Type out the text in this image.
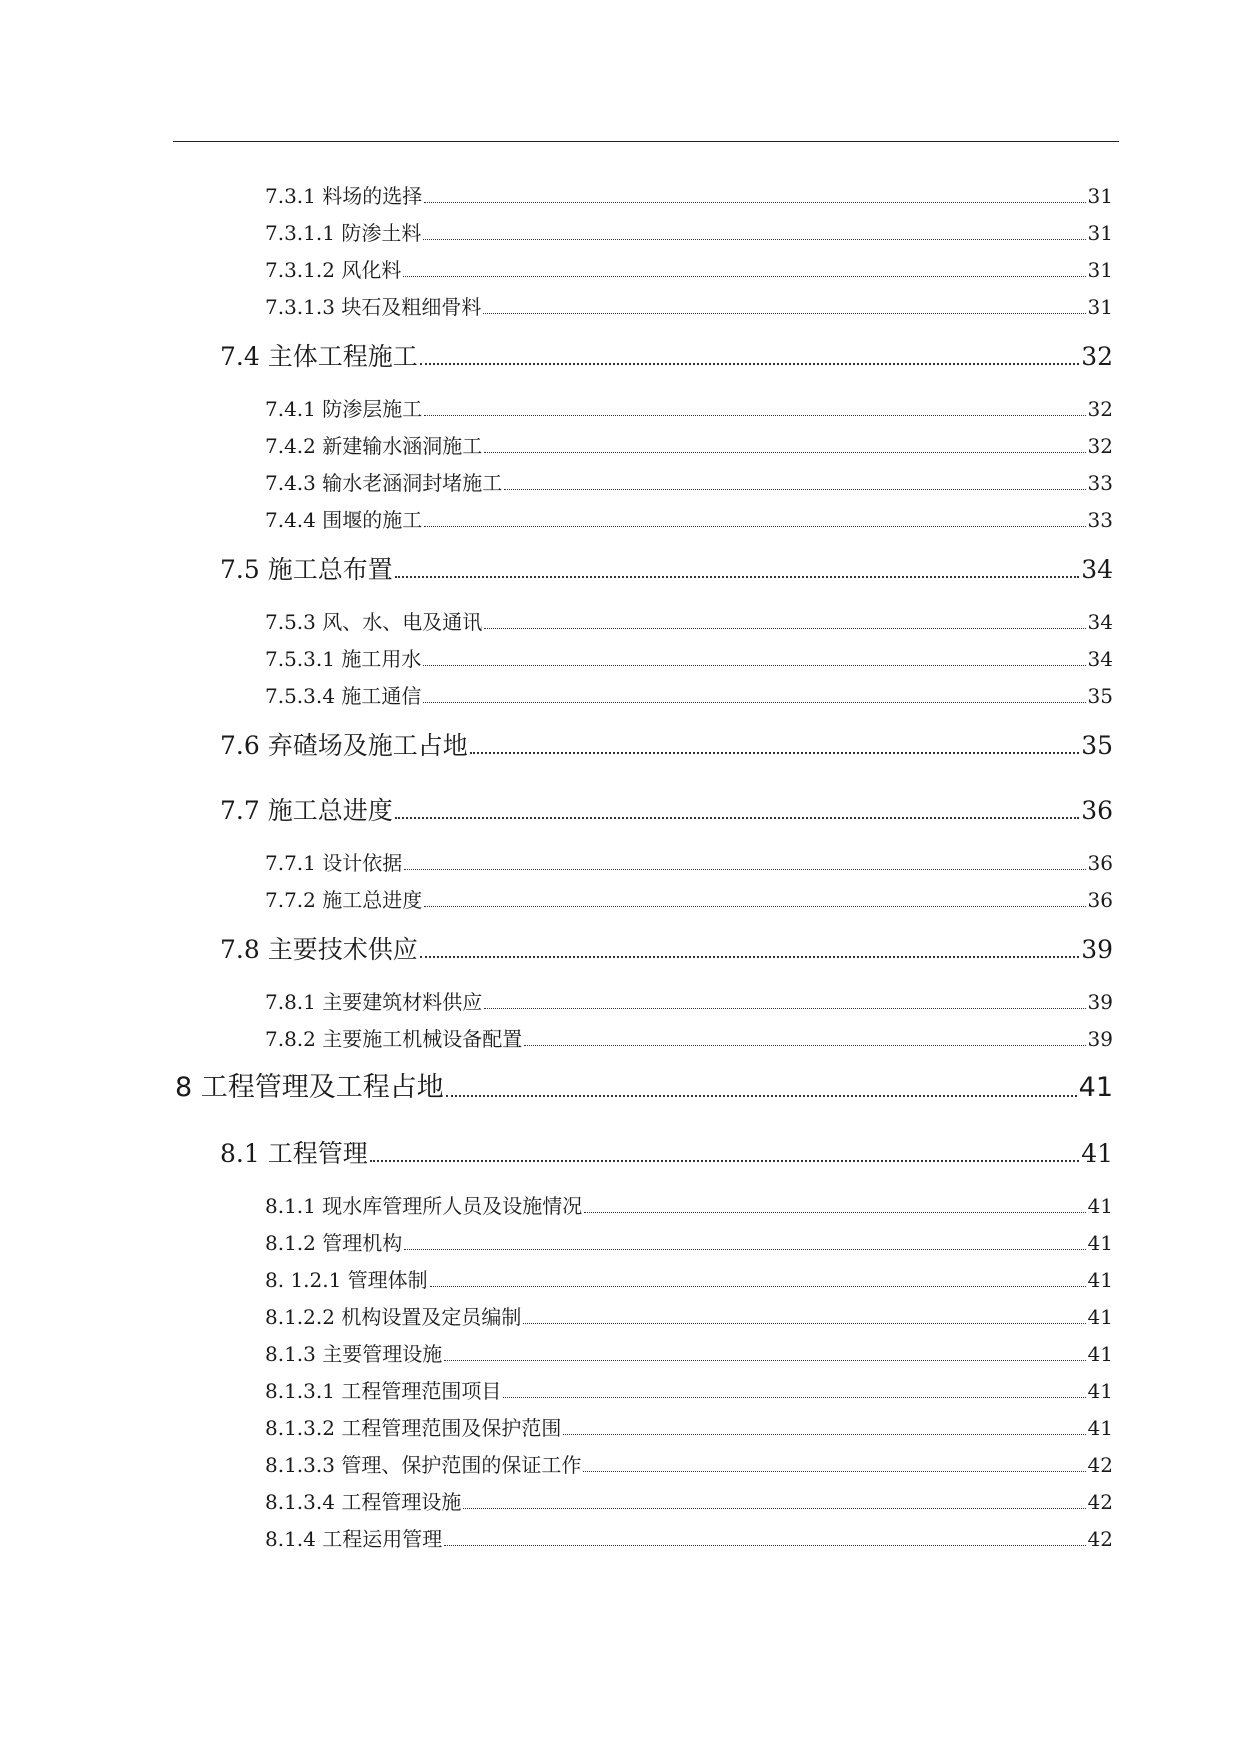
7.3.1 料场的选择	31
7.3.1.1 防渗土料	31
7.3.1.2 风化料	31
7.3.1.3 块石及粗细骨料	31
7.4 主体工程施工	32
7.4.1 防渗层施工	32
7.4.2 新建输水涵洞施工	32
7.4.3 输水老涵洞封堵施工	33
7.4.4 围堰的施工	33
7.5 施工总布置	34
7.5.3 风、水、电及通讯	34
7.5.3.1 施工用水	34
7.5.3.4 施工通信	35
7.6 弃碴场及施工占地	35
7.7 施工总进度	36
7.7.1 设计依据	36
7.7.2 施工总进度	36
7.8 主要技术供应	39
7.8.1 主要建筑材料供应	39
7.8.2 主要施工机械设备配置	39
8 工程管理及工程占地	41
8.1 工程管理	41
8.1.1 现水库管理所人员及设施情况	41
8.1.2 管理机构	41
8. 1.2.1 管理体制	41
8.1.2.2 机构设置及定员编制	41
8.1.3 主要管理设施	41
8.1.3.1 工程管理范围项目	41
8.1.3.2 工程管理范围及保护范围	41
8.1.3.3 管理、保护范围的保证工作	42
8.1.3.4 工程管理设施	42
8.1.4 工程运用管理	42
